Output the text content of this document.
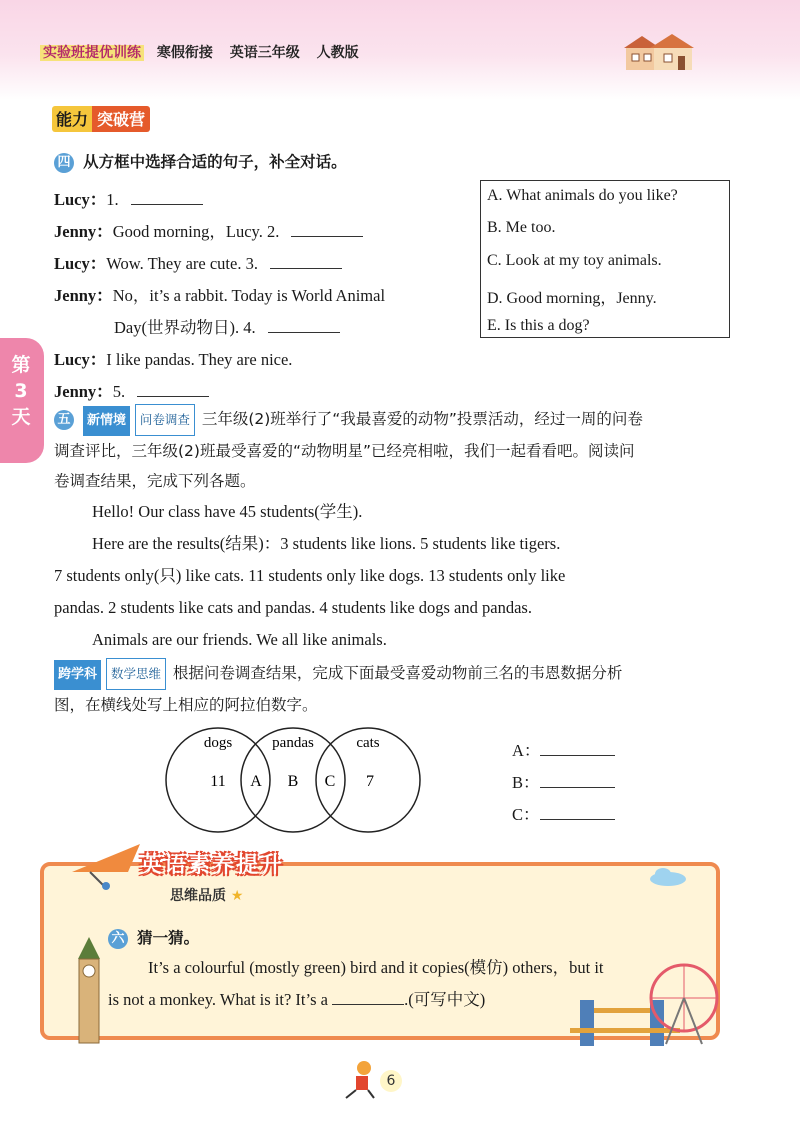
实验班提优训练 寒假衔接 英语三年级 人教版
能力 突破营
第3天
四 从方框中选择合适的句子，补全对话。
Lucy：1.
Jenny：Good morning，Lucy. 2.
Lucy：Wow. They are cute. 3.
Jenny：No，it’s a rabbit. Today is World Animal
Day(世界动物日). 4.
Lucy：I like pandas. They are nice.
Jenny：5.
A. What animals do you like?
B. Me too.
C. Look at my toy animals.
D. Good morning，Jenny.
E. Is this a dog?
五 新情境 问卷调查 三年级(2)班举行了“我最喜爱的动物”投票活动，经过一周的问卷
调查评比，三年级(2)班最受喜爱的“动物明星”已经亮相啦，我们一起看看吧。阅读问
卷调查结果，完成下列各题。
Hello! Our class have 45 students(学生).
Here are the results(结果)：3 students like lions. 5 students like tigers.
7 students only(只) like cats. 11 students only like dogs. 13 students only like
pandas. 2 students like cats and pandas. 4 students like dogs and pandas.
Animals are our friends. We all like animals.
跨学科 数学思维 根据问卷调查结果，完成下面最受喜爱动物前三名的韦恩数据分析
图，在横线处写上相应的阿拉伯数字。
dogs	pandas	cats
11 A B C 7
A：
B：
C：
英语素养提升
思维品质 ★
六 猜一猜。
It’s a colourful (mostly green) bird and it copies(模仿) others，but it
is not a monkey. What is it? It’s a	.(可写中文)
6
